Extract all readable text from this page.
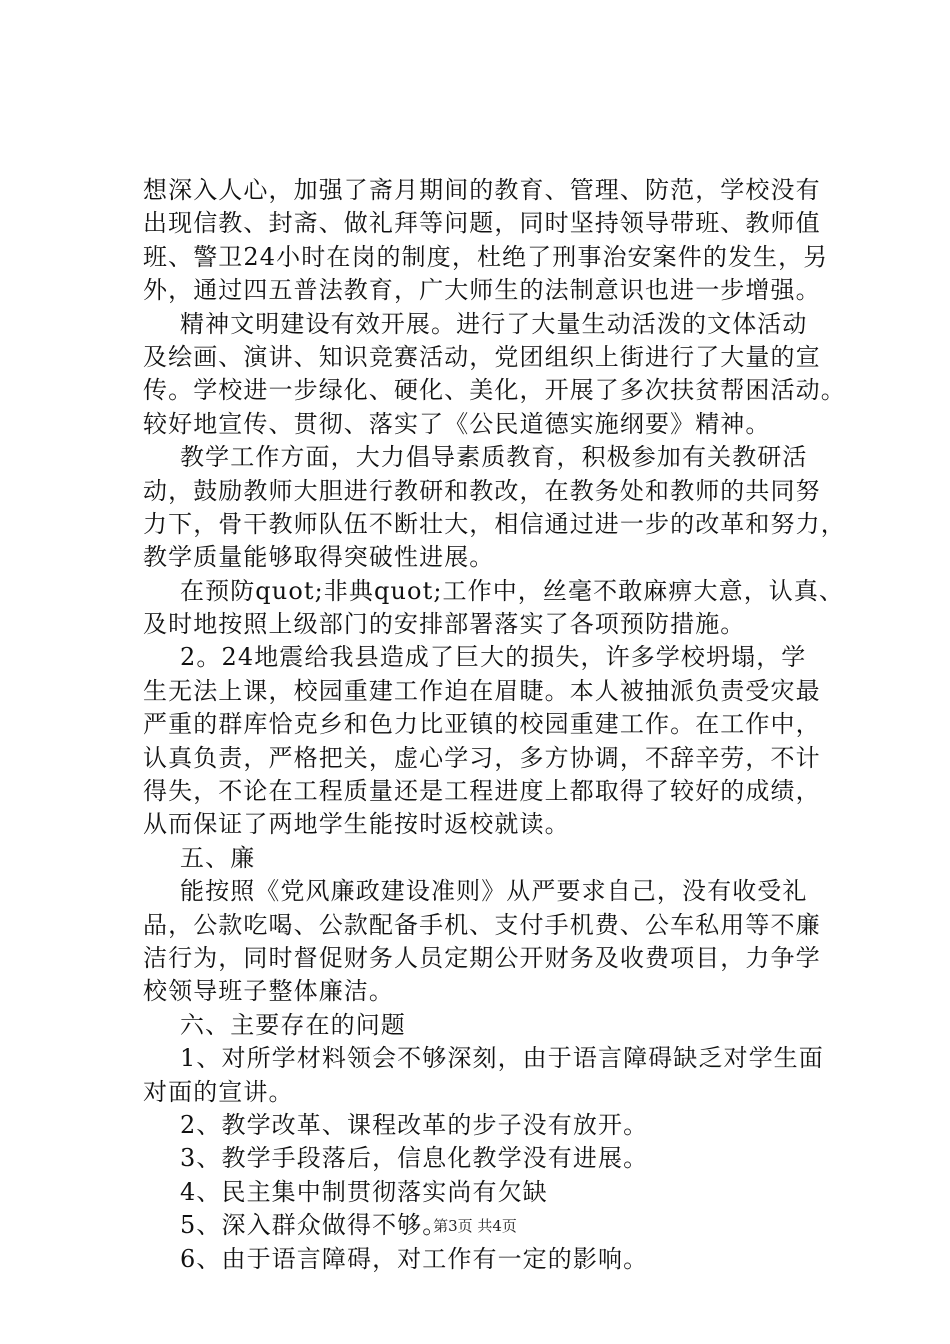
想深入人心，加强了斋月期间的教育、管理、防范，学校没有
出现信教、封斋、做礼拜等问题，同时坚持领导带班、教师值
班、警卫24小时在岗的制度，杜绝了刑事治安案件的发生，另
外，通过四五普法教育，广大师生的法制意识也进一步增强。
精神文明建设有效开展。进行了大量生动活泼的文体活动
及绘画、演讲、知识竞赛活动，党团组织上街进行了大量的宣
传。学校进一步绿化、硬化、美化，开展了多次扶贫帮困活动。
较好地宣传、贯彻、落实了《公民道德实施纲要》精神。
教学工作方面，大力倡导素质教育，积极参加有关教研活
动，鼓励教师大胆进行教研和教改，在教务处和教师的共同努
力下，骨干教师队伍不断壮大，相信通过进一步的改革和努力，
教学质量能够取得突破性进展。
在预防quot;非典quot;工作中，丝毫不敢麻痹大意，认真、
及时地按照上级部门的安排部署落实了各项预防措施。
2。24地震给我县造成了巨大的损失，许多学校坍塌，学
生无法上课，校园重建工作迫在眉睫。本人被抽派负责受灾最
严重的群库恰克乡和色力比亚镇的校园重建工作。在工作中，
认真负责，严格把关，虚心学习，多方协调，不辞辛劳，不计
得失，不论在工程质量还是工程进度上都取得了较好的成绩，
从而保证了两地学生能按时返校就读。
五、廉
能按照《党风廉政建设准则》从严要求自己，没有收受礼
品，公款吃喝、公款配备手机、支付手机费、公车私用等不廉
洁行为，同时督促财务人员定期公开财务及收费项目，力争学
校领导班子整体廉洁。
六、主要存在的问题
1、对所学材料领会不够深刻，由于语言障碍缺乏对学生面
对面的宣讲。
2、教学改革、课程改革的步子没有放开。
3、教学手段落后，信息化教学没有进展。
4、民主集中制贯彻落实尚有欠缺
5、深入群众做得不够。
6、由于语言障碍，对工作有一定的影响。
第3页 共4页
